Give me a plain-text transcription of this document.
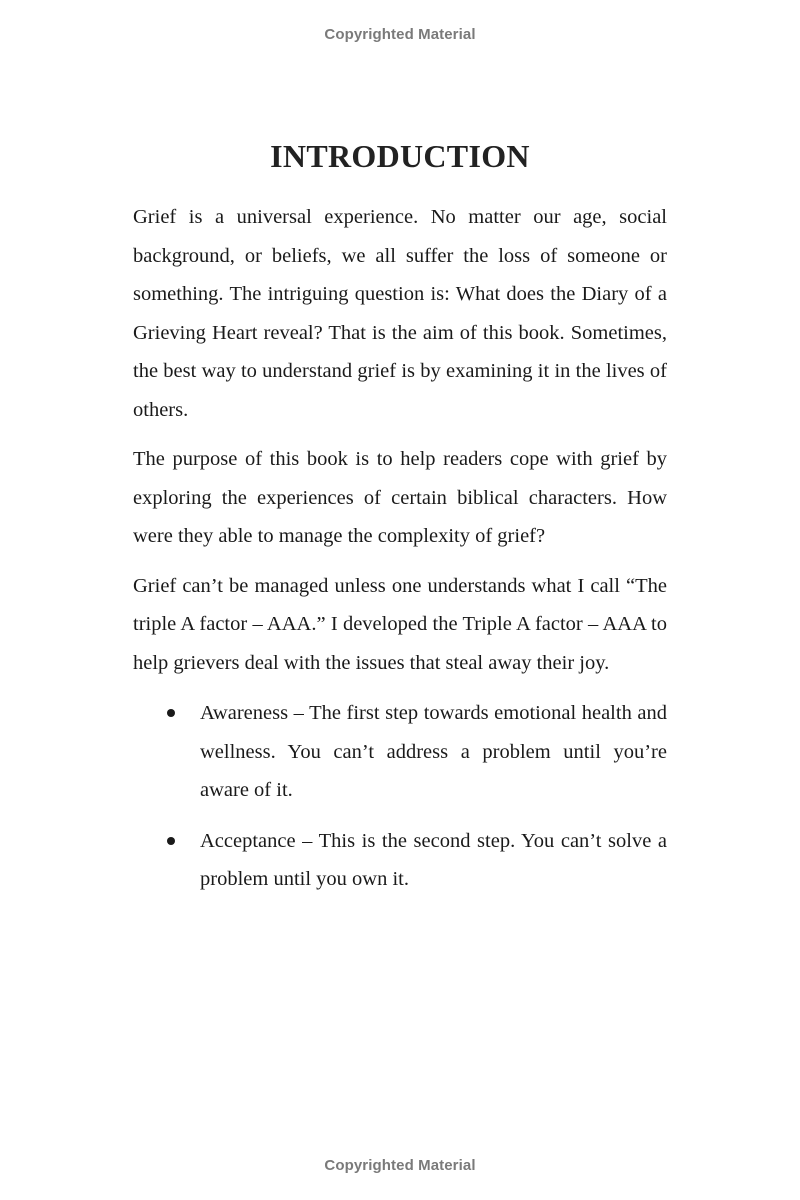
Copyrighted Material
INTRODUCTION

Grief is a universal experience. No matter our age, social background, or beliefs, we all suffer the loss of someone or something. The intriguing question is: What does the Diary of a Grieving Heart reveal? That is the aim of this book. Sometimes, the best way to understand grief is by examining it in the lives of others.

The purpose of this book is to help readers cope with grief by exploring the experiences of certain biblical characters. How were they able to manage the complexity of grief?

Grief can’t be managed unless one understands what I call “The triple A factor – AAA.” I developed the Triple A factor – AAA to help grievers deal with the issues that steal away their joy.

Awareness – The first step towards emotional health and wellness. You can’t address a problem until you’re aware of it.
Acceptance – This is the second step. You can’t solve a problem until you own it.
Copyrighted Material
